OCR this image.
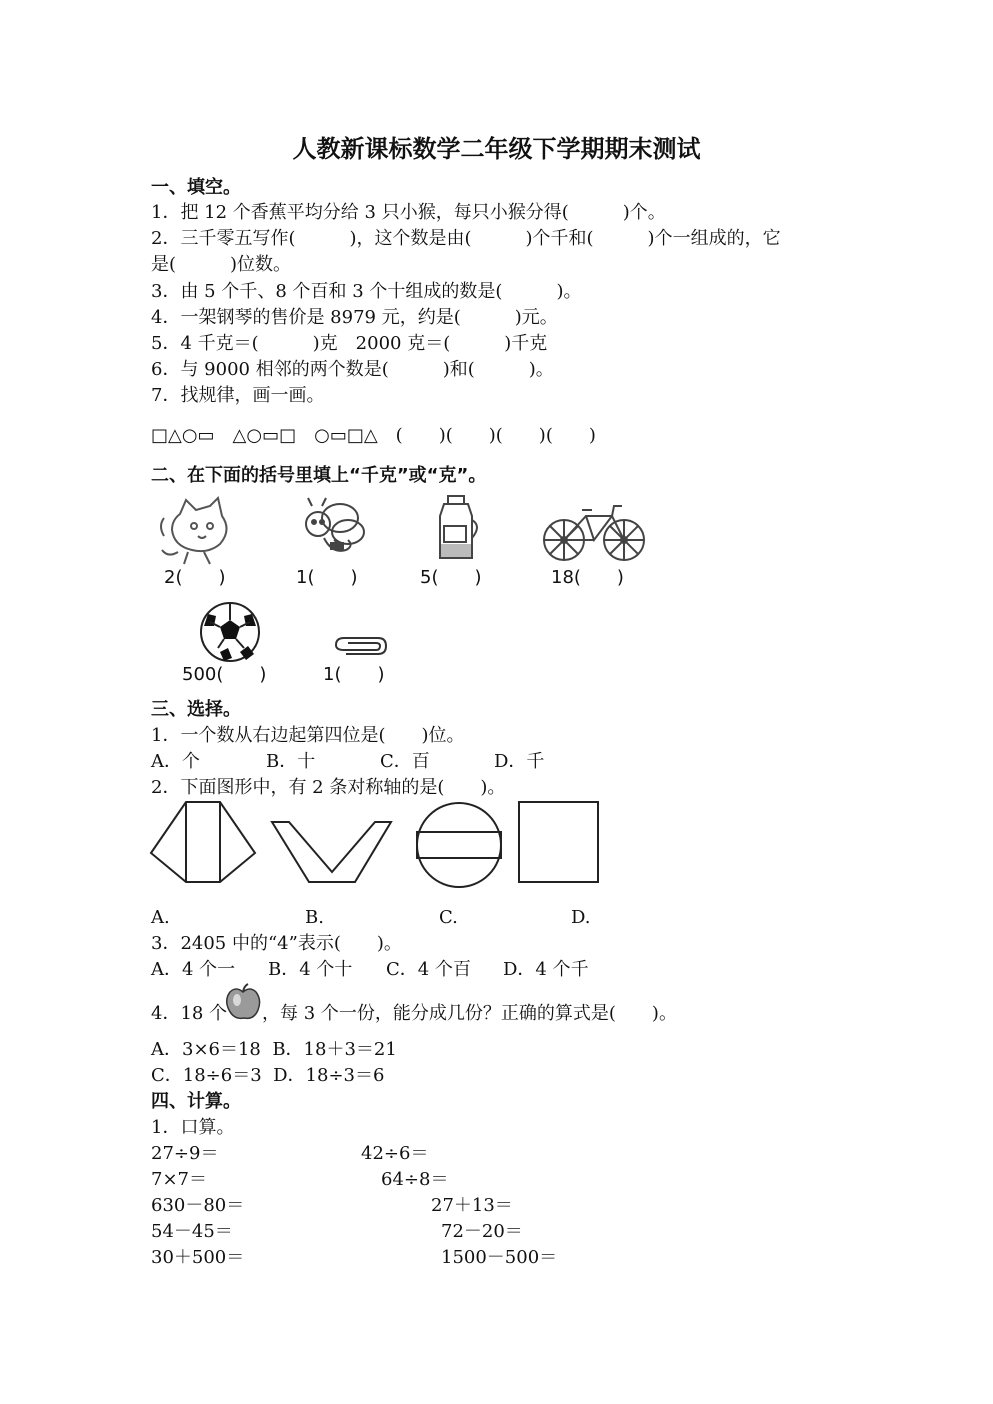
人教新课标数学二年级下学期期末测试
一、填空。
1．把 12 个香蕉平均分给 3 只小猴，每只小猴分得(　　　)个。
2．三千零五写作(　　　)，这个数是由(　　　)个千和(　　　)个一组成的，它
是(　　　)位数。
3．由 5 个千、8 个百和 3 个十组成的数是(　　　)。
4．一架钢琴的售价是 8979 元，约是(　　　)元。
5．4 千克＝(　　　)克　2000 克＝(　　　)千克
6．与 9000 相邻的两个数是(　　　)和(　　　)。
7．找规律，画一画。
□△○▭　△○▭□　○▭□△　(　　)(　　)(　　)(　　)
二、在下面的括号里填上“千克”或“克”。
2(　　)	1(　　)	5(　　)	18(　　)
500(　　)	1(　　)
三、选择。
1．一个数从右边起第四位是(　　)位。
A．个	B．十	C．百	D．千
2．下面图形中，有 2 条对称轴的是(　　)。
A.	B.	C.	D.
3．2405 中的“4”表示(　　)。
A．4 个一 B．4 个十 C．4 个百 D．4 个千
4．18 个 ，每 3 个一份，能分成几份？正确的算式是(　　)。
A．3×6＝18  B．18＋3＝21
C．18÷6＝3  D．18÷3＝6
四、计算。
1．口算。
27÷9＝	42÷6＝
7×7＝	64÷8＝
630－80＝	27＋13＝
54－45＝	72－20＝
30＋500＝	1500－500＝
